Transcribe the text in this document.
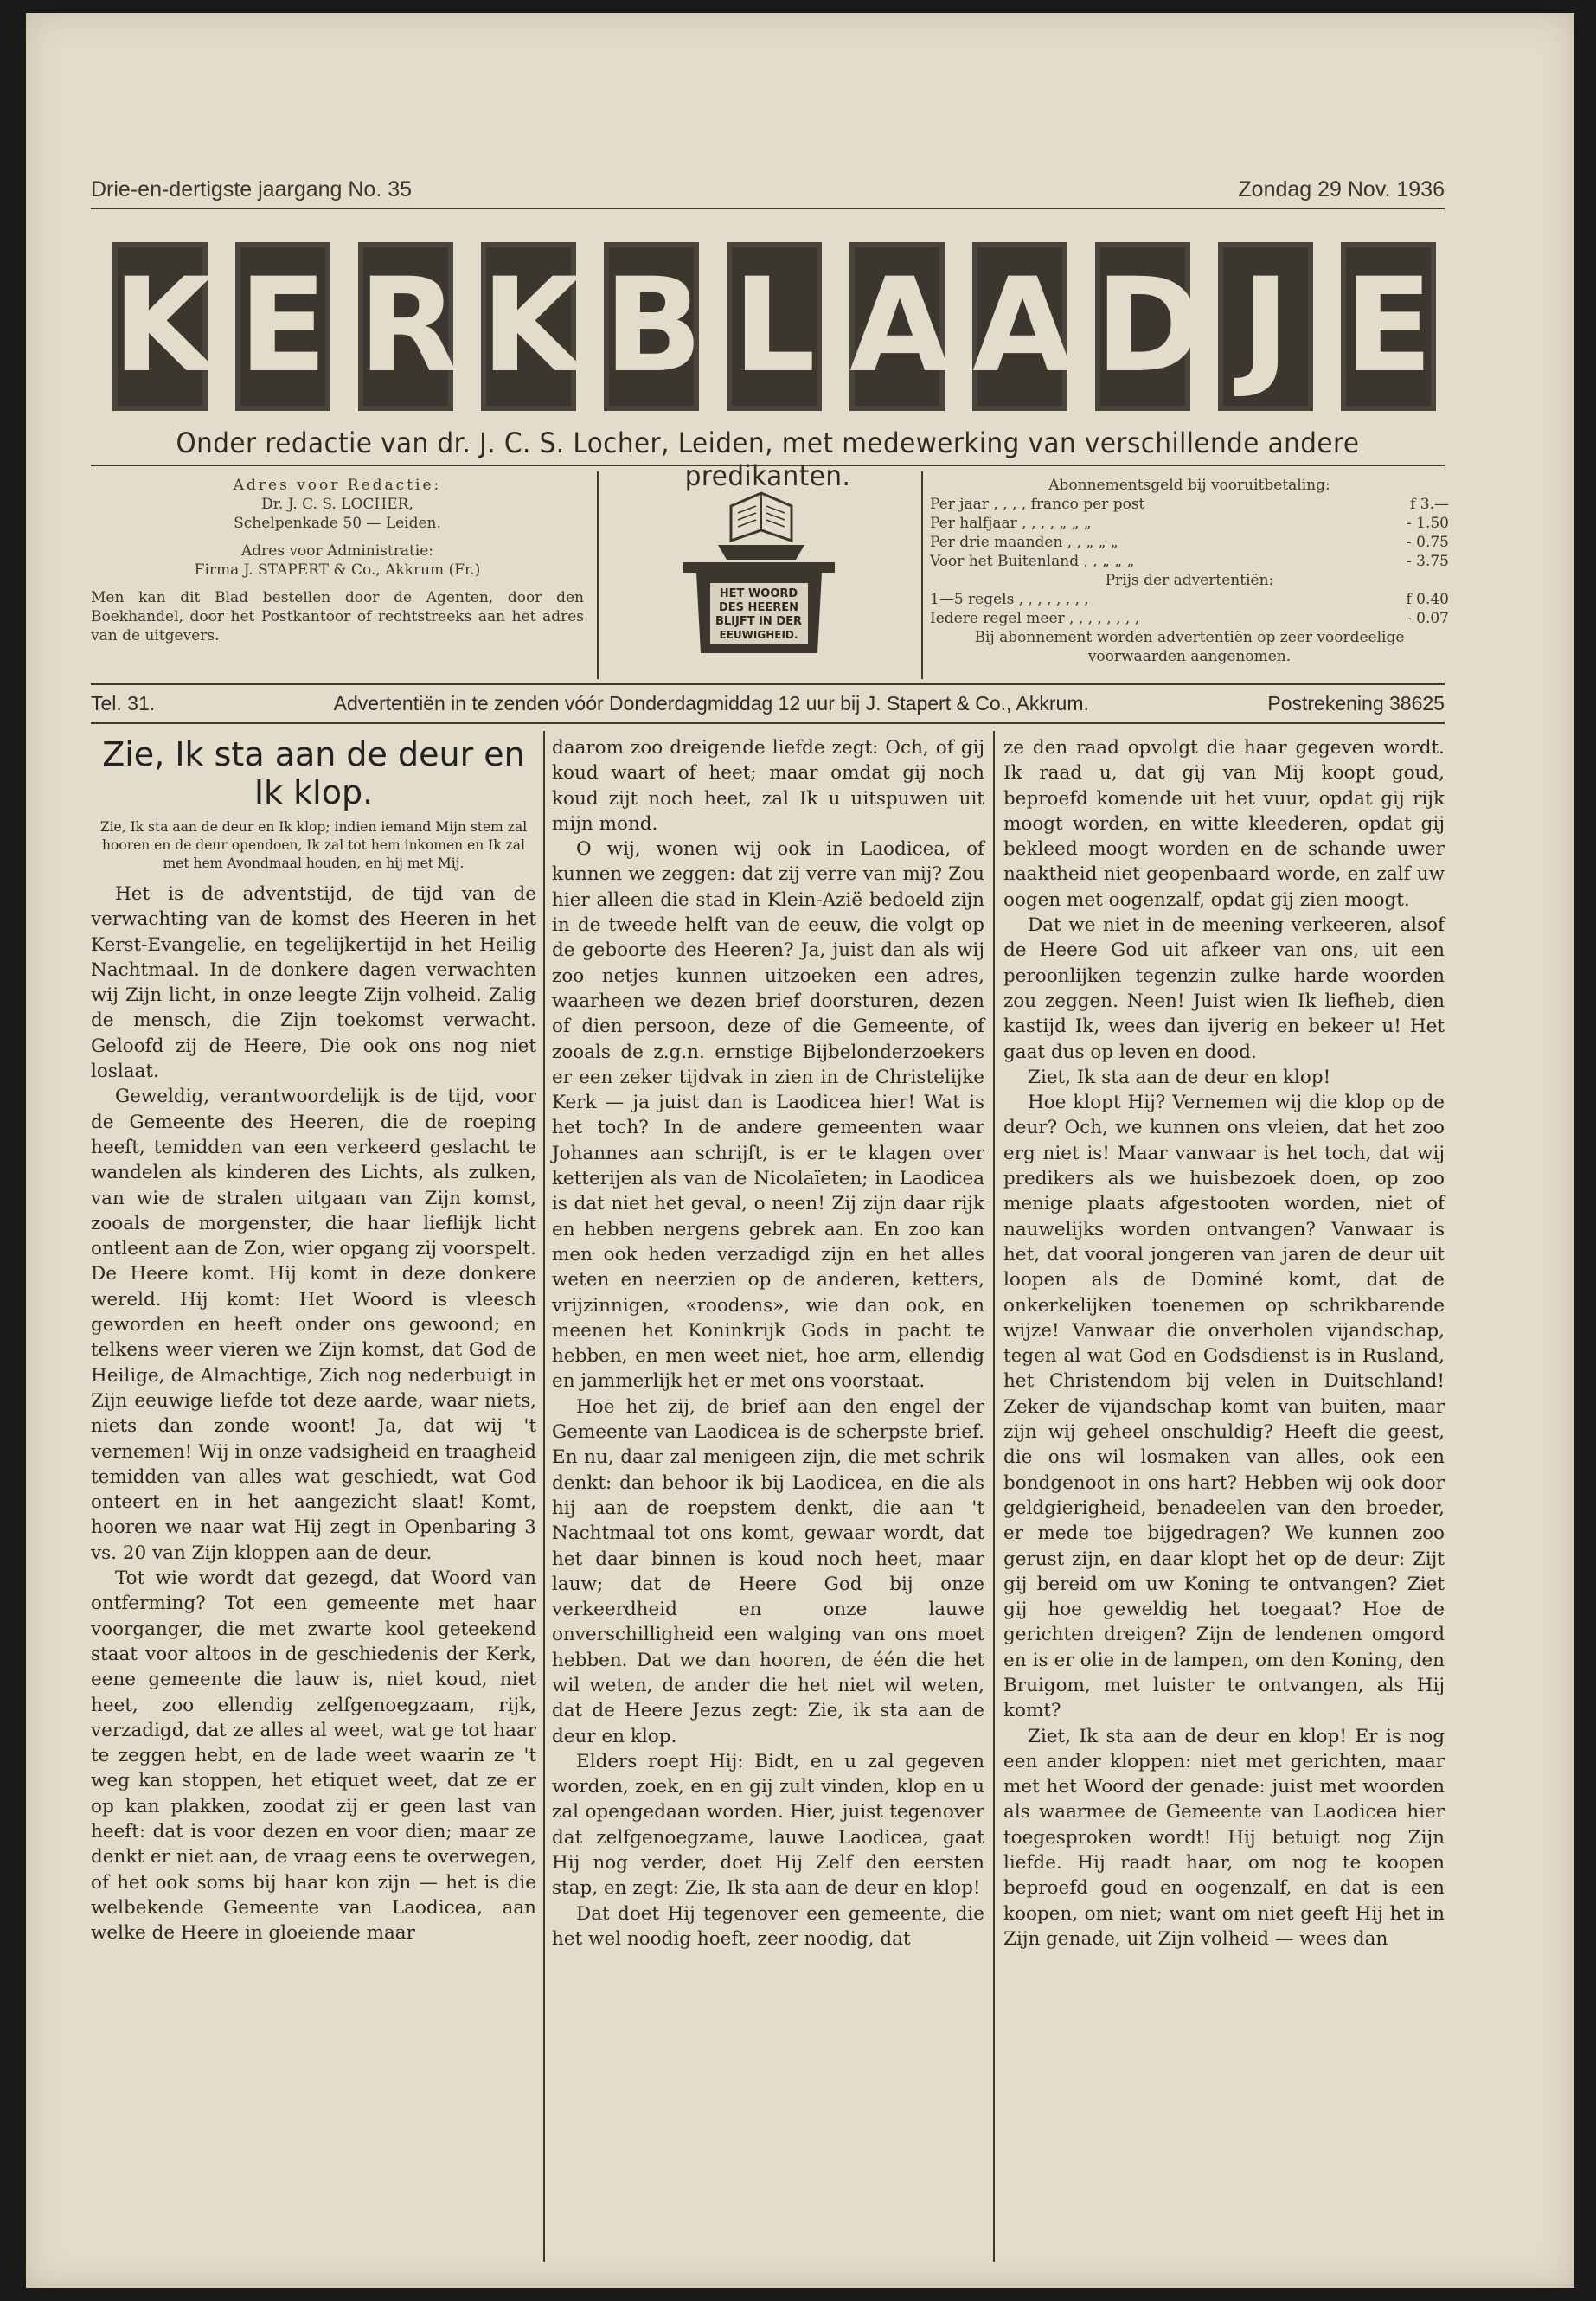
Drie-en-dertigste jaargang No. 35	Zondag 29 Nov. 1936
K E R K B L A A D J E
Onder redactie van dr. J. C. S. Locher, Leiden, met medewerking van verschillende andere predikanten.
Adres voor Redactie:
Dr. J. C. S. LOCHER,
Schelpenkade 50 — Leiden.
Adres voor Administratie:
Firma J. STAPERT & Co., Akkrum (Fr.)
Men kan dit Blad bestellen door de Agenten, door den Boekhandel, door het Postkantoor of rechtstreeks aan het adres van de uitgevers.
HET WOORD
DES HEEREN
BLIJFT IN DER
EEUWIGHEID.
Abonnementsgeld bij vooruitbetaling:
Per jaar , , , , franco per post	f 3.—
Per halfjaar , , , , „ „ „	- 1.50
Per drie maanden , , „ „ „	- 0.75
Voor het Buitenland , , „ „ „	- 3.75
Prijs der advertentiën:
1—5 regels , , , , , , , ,	f 0.40
Iedere regel meer , , , , , , , ,	- 0.07
Bij abonnement worden advertentiën op zeer voordeelige voorwaarden aangenomen.
Tel. 31.	Advertentiën in te zenden vóór Donderdagmiddag 12 uur bij J. Stapert & Co., Akkrum.	Postrekening 38625
Zie, Ik sta aan de deur en Ik klop.
Zie, Ik sta aan de deur en Ik klop; indien iemand Mijn stem zal hooren en de deur opendoen, Ik zal tot hem inkomen en Ik zal met hem Avondmaal houden, en hij met Mij.

Het is de adventstijd, de tijd van de verwachting van de komst des Heeren in het Kerst-Evangelie, en tegelijkertijd in het Heilig Nachtmaal. In de donkere dagen verwachten wij Zijn licht, in onze leegte Zijn volheid. Zalig de mensch, die Zijn toekomst verwacht. Geloofd zij de Heere, Die ook ons nog niet loslaat.

Geweldig, verantwoordelijk is de tijd, voor de Gemeente des Heeren, die de roeping heeft, temidden van een verkeerd geslacht te wandelen als kinderen des Lichts, als zulken, van wie de stralen uitgaan van Zijn komst, zooals de morgenster, die haar lieflijk licht ontleent aan de Zon, wier opgang zij voorspelt. De Heere komt. Hij komt in deze donkere wereld. Hij komt: Het Woord is vleesch geworden en heeft onder ons gewoond; en telkens weer vieren we Zijn komst, dat God de Heilige, de Almachtige, Zich nog nederbuigt in Zijn eeuwige liefde tot deze aarde, waar niets, niets dan zonde woont! Ja, dat wij 't vernemen! Wij in onze vadsigheid en traagheid temidden van alles wat geschiedt, wat God onteert en in het aangezicht slaat! Komt, hooren we naar wat Hij zegt in Openbaring 3 vs. 20 van Zijn kloppen aan de deur.

Tot wie wordt dat gezegd, dat Woord van ontferming? Tot een gemeente met haar voorganger, die met zwarte kool geteekend staat voor altoos in de geschiedenis der Kerk, eene gemeente die lauw is, niet koud, niet heet, zoo ellendig zelfgenoegzaam, rijk, verzadigd, dat ze alles al weet, wat ge tot haar te zeggen hebt, en de lade weet waarin ze 't weg kan stoppen, het etiquet weet, dat ze er op kan plakken, zoodat zij er geen last van heeft: dat is voor dezen en voor dien; maar ze denkt er niet aan, de vraag eens te overwegen, of het ook soms bij haar kon zijn — het is die welbekende Gemeente van Laodicea, aan welke de Heere in gloeiende maar

daarom zoo dreigende liefde zegt: Och, of gij koud waart of heet; maar omdat gij noch koud zijt noch heet, zal Ik u uitspuwen uit mijn mond.

O wij, wonen wij ook in Laodicea, of kunnen we zeggen: dat zij verre van mij? Zou hier alleen die stad in Klein-Azië bedoeld zijn in de tweede helft van de eeuw, die volgt op de geboorte des Heeren? Ja, juist dan als wij zoo netjes kunnen uitzoeken een adres, waarheen we dezen brief doorsturen, dezen of dien persoon, deze of die Gemeente, of zooals de z.g.n. ernstige Bijbelonderzoekers er een zeker tijdvak in zien in de Christelijke Kerk — ja juist dan is Laodicea hier! Wat is het toch? In de andere gemeenten waar Johannes aan schrijft, is er te klagen over ketterijen als van de Nicolaïeten; in Laodicea is dat niet het geval, o neen! Zij zijn daar rijk en hebben nergens gebrek aan. En zoo kan men ook heden verzadigd zijn en het alles weten en neerzien op de anderen, ketters, vrijzinnigen, «roodens», wie dan ook, en meenen het Koninkrijk Gods in pacht te hebben, en men weet niet, hoe arm, ellendig en jammerlijk het er met ons voorstaat.

Hoe het zij, de brief aan den engel der Gemeente van Laodicea is de scherpste brief. En nu, daar zal menigeen zijn, die met schrik denkt: dan behoor ik bij Laodicea, en die als hij aan de roepstem denkt, die aan 't Nachtmaal tot ons komt, gewaar wordt, dat het daar binnen is koud noch heet, maar lauw; dat de Heere God bij onze verkeerdheid en onze lauwe onverschilligheid een walging van ons moet hebben. Dat we dan hooren, de één die het wil weten, de ander die het niet wil weten, dat de Heere Jezus zegt: Zie, ik sta aan de deur en klop.

Elders roept Hij: Bidt, en u zal gegeven worden, zoek, en en gij zult vinden, klop en u zal opengedaan worden. Hier, juist tegenover dat zelfgenoegzame, lauwe Laodicea, gaat Hij nog verder, doet Hij Zelf den eersten stap, en zegt: Zie, Ik sta aan de deur en klop!

Dat doet Hij tegenover een gemeente, die het wel noodig hoeft, zeer noodig, dat

ze den raad opvolgt die haar gegeven wordt. Ik raad u, dat gij van Mij koopt goud, beproefd komende uit het vuur, opdat gij rijk moogt worden, en witte kleederen, opdat gij bekleed moogt worden en de schande uwer naaktheid niet geopenbaard worde, en zalf uw oogen met oogenzalf, opdat gij zien moogt.

Dat we niet in de meening verkeeren, alsof de Heere God uit afkeer van ons, uit een peroonlijken tegenzin zulke harde woorden zou zeggen. Neen! Juist wien Ik liefheb, dien kastijd Ik, wees dan ijverig en bekeer u! Het gaat dus op leven en dood.

Ziet, Ik sta aan de deur en klop!

Hoe klopt Hij? Vernemen wij die klop op de deur? Och, we kunnen ons vleien, dat het zoo erg niet is! Maar vanwaar is het toch, dat wij predikers als we huisbezoek doen, op zoo menige plaats afgestooten worden, niet of nauwelijks worden ontvangen? Vanwaar is het, dat vooral jongeren van jaren de deur uit loopen als de Dominé komt, dat de onkerkelijken toenemen op schrikbarende wijze! Vanwaar die onverholen vijandschap, tegen al wat God en Godsdienst is in Rusland, het Christendom bij velen in Duitschland! Zeker de vijandschap komt van buiten, maar zijn wij geheel onschuldig? Heeft die geest, die ons wil losmaken van alles, ook een bondgenoot in ons hart? Hebben wij ook door geldgierigheid, benadeelen van den broeder, er mede toe bijgedragen? We kunnen zoo gerust zijn, en daar klopt het op de deur: Zijt gij bereid om uw Koning te ontvangen? Ziet gij hoe geweldig het toegaat? Hoe de gerichten dreigen? Zijn de lendenen omgord en is er olie in de lampen, om den Koning, den Bruigom, met luister te ontvangen, als Hij komt?

Ziet, Ik sta aan de deur en klop! Er is nog een ander kloppen: niet met gerichten, maar met het Woord der genade: juist met woorden als waarmee de Gemeente van Laodicea hier toegesproken wordt! Hij betuigt nog Zijn liefde. Hij raadt haar, om nog te koopen beproefd goud en oogenzalf, en dat is een koopen, om niet; want om niet geeft Hij het in Zijn genade, uit Zijn volheid — wees dan
